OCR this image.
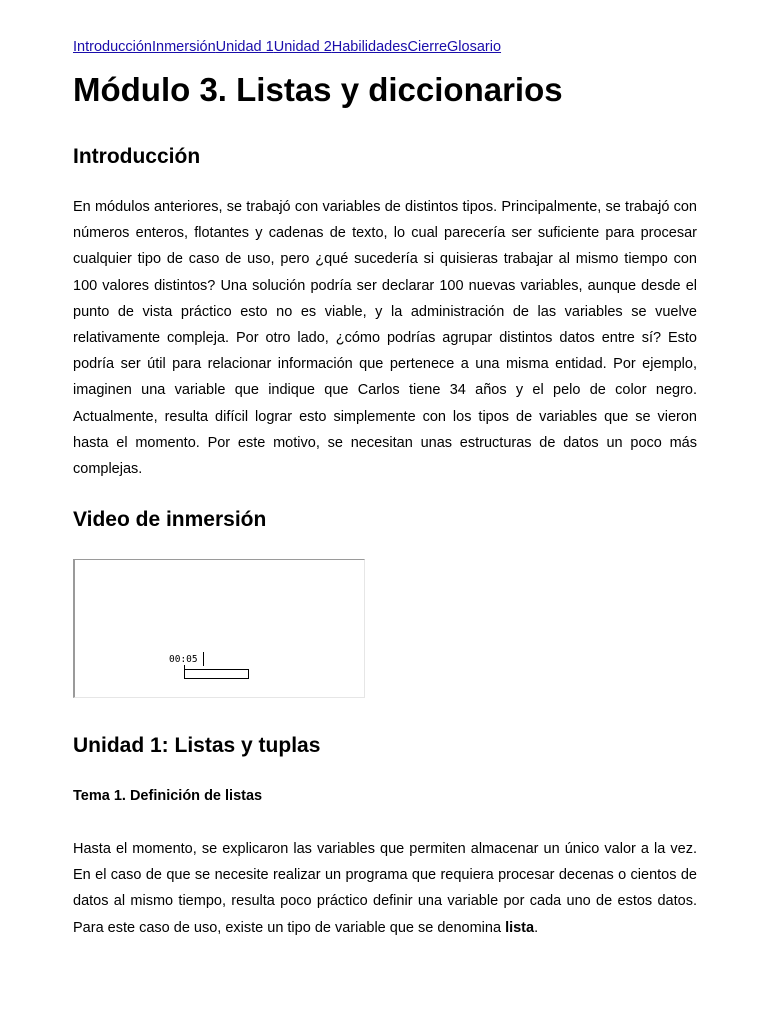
IntroducciónInmersiónUnidad 1Unidad 2HabilidadesCierreGlosario
Módulo 3. Listas y diccionarios
Introducción

En módulos anteriores, se trabajó con variables de distintos tipos. Principalmente, se trabajó con números enteros, flotantes y cadenas de texto, lo cual parecería ser suficiente para procesar cualquier tipo de caso de uso, pero ¿qué sucedería si quisieras trabajar al mismo tiempo con 100 valores distintos? Una solución podría ser declarar 100 nuevas variables, aunque desde el punto de vista práctico esto no es viable, y la administración de las variables se vuelve relativamente compleja. Por otro lado, ¿cómo podrías agrupar distintos datos entre sí? Esto podría ser útil para relacionar información que pertenece a una misma entidad. Por ejemplo, imaginen una variable que indique que Carlos tiene 34 años y el pelo de color negro. Actualmente, resulta difícil lograr esto simplemente con los tipos de variables que se vieron hasta el momento. Por este motivo, se necesitan unas estructuras de datos un poco más complejas.

Video de inmersión
00:05
Unidad 1: Listas y tuplas
Tema 1. Definición de listas

Hasta el momento, se explicaron las variables que permiten almacenar un único valor a la vez. En el caso de que se necesite realizar un programa que requiera procesar decenas o cientos de datos al mismo tiempo, resulta poco práctico definir una variable por cada uno de estos datos. Para este caso de uso, existe un tipo de variable que se denomina lista.
